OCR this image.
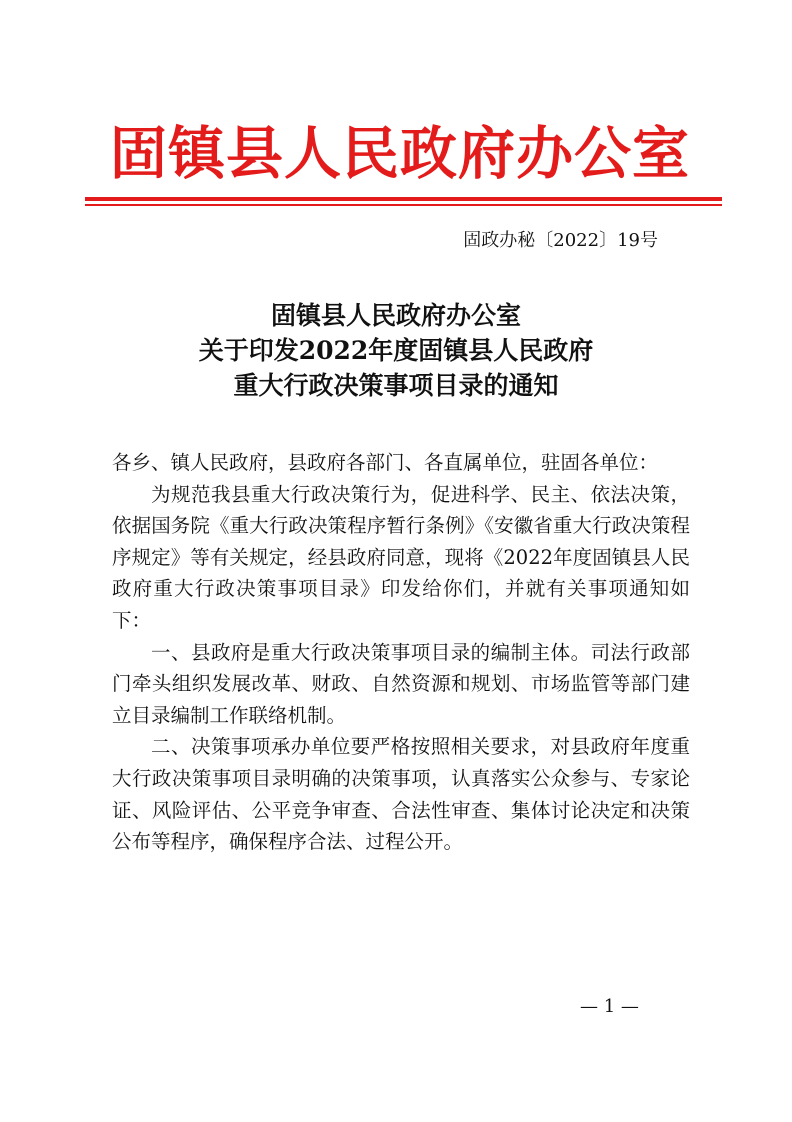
固镇县人民政府办公室
固政办秘〔2022〕19号
固镇县人民政府办公室
关于印发2022年度固镇县人民政府
重大行政决策事项目录的通知

各乡、镇人民政府，县政府各部门、各直属单位，驻固各单位：

为规范我县重大行政决策行为，促进科学、民主、依法决策，依据国务院《重大行政决策程序暂行条例》《安徽省重大行政决策程序规定》等有关规定，经县政府同意，现将《2022年度固镇县人民政府重大行政决策事项目录》印发给你们，并就有关事项通知如下：

一、县政府是重大行政决策事项目录的编制主体。司法行政部门牵头组织发展改革、财政、自然资源和规划、市场监管等部门建立目录编制工作联络机制。

二、决策事项承办单位要严格按照相关要求，对县政府年度重大行政决策事项目录明确的决策事项，认真落实公众参与、专家论证、风险评估、公平竞争审查、合法性审查、集体讨论决定和决策公布等程序，确保程序合法、过程公开。

— 1 —
